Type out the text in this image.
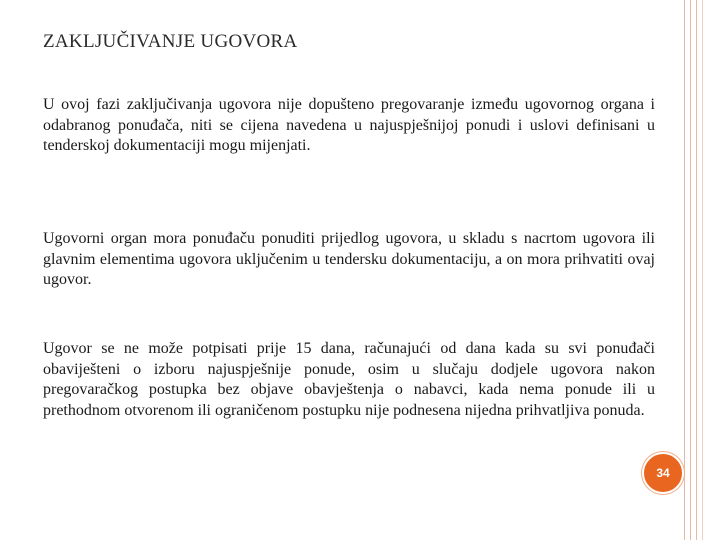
ZAKLJUČIVANJE UGOVORA

U ovoj fazi zaključivanja ugovora nije dopušteno pregovaranje između ugovornog organa i odabranog ponuđača, niti se cijena navedena u najuspješnijoj ponudi i uslovi definisani u tenderskoj dokumentaciji mogu mijenjati.

Ugovorni organ mora ponuđaču ponuditi prijedlog ugovora, u skladu s nacrtom ugovora ili glavnim elementima ugovora uključenim u tendersku dokumentaciju, a on mora prihvatiti ovaj ugovor.

Ugovor se ne može potpisati prije 15 dana, računajući od dana kada su svi ponuđači obaviješteni o izboru najuspješnije ponude, osim u slučaju dodjele ugovora nakon pregovaračkog postupka bez objave obavještenja o nabavci, kada nema ponude ili u prethodnom otvorenom ili ograničenom postupku nije podnesena nijedna prihvatljiva ponuda.

34
